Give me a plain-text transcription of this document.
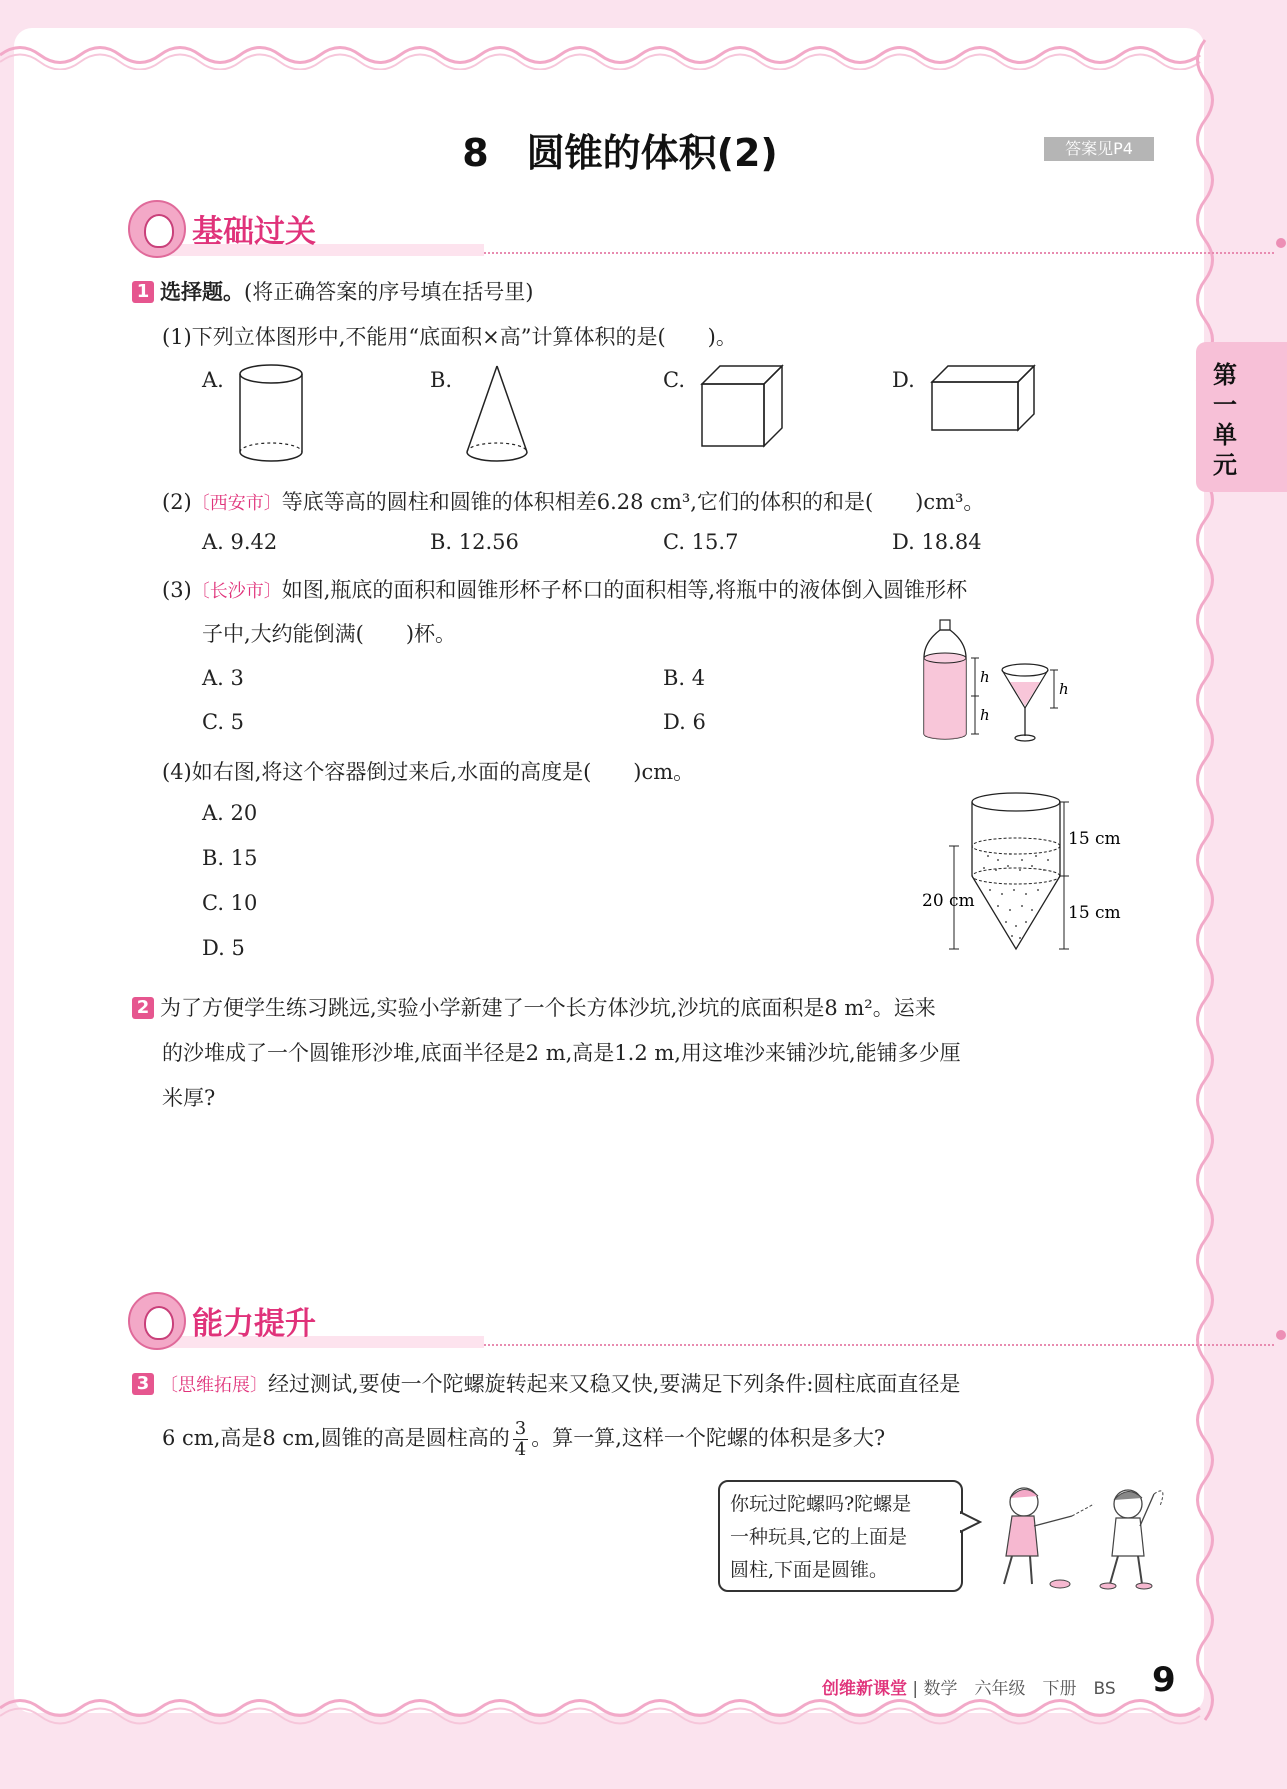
8　圆锥的体积(2)	答案见P4
第一单元
基础过关
1 选择题。(将正确答案的序号填在括号里)
(1)下列立体图形中,不能用“底面积×高”计算体积的是(　　)。
A.	B.	C.	D.
(2)〔西安市〕等底等高的圆柱和圆锥的体积相差6.28 cm³,它们的体积的和是(　　)cm³。
A. 9.42	B. 12.56	C. 15.7	D. 18.84
(3)〔长沙市〕如图,瓶底的面积和圆锥形杯子杯口的面积相等,将瓶中的液体倒入圆锥形杯
子中,大约能倒满(　　)杯。
A. 3	B. 4
C. 5	D. 6
h
h
h
(4)如右图,将这个容器倒过来后,水面的高度是(　　)cm。
A. 20
B. 15
C. 10
D. 5
15 cm
20 cm
15 cm
2 为了方便学生练习跳远,实验小学新建了一个长方体沙坑,沙坑的底面积是8 m²。运来
的沙堆成了一个圆锥形沙堆,底面半径是2 m,高是1.2 m,用这堆沙来铺沙坑,能铺多少厘
米厚?
能力提升
3 〔思维拓展〕经过测试,要使一个陀螺旋转起来又稳又快,要满足下列条件:圆柱底面直径是
6 cm,高是8 cm,圆锥的高是圆柱高的 $\frac{3}{4}$ 。算一算,这样一个陀螺的体积是多大?
你玩过陀螺吗?陀螺是
一种玩具,它的上面是
圆柱,下面是圆锥。
创维新课堂 | 数学　六年级　下册　BS 9
